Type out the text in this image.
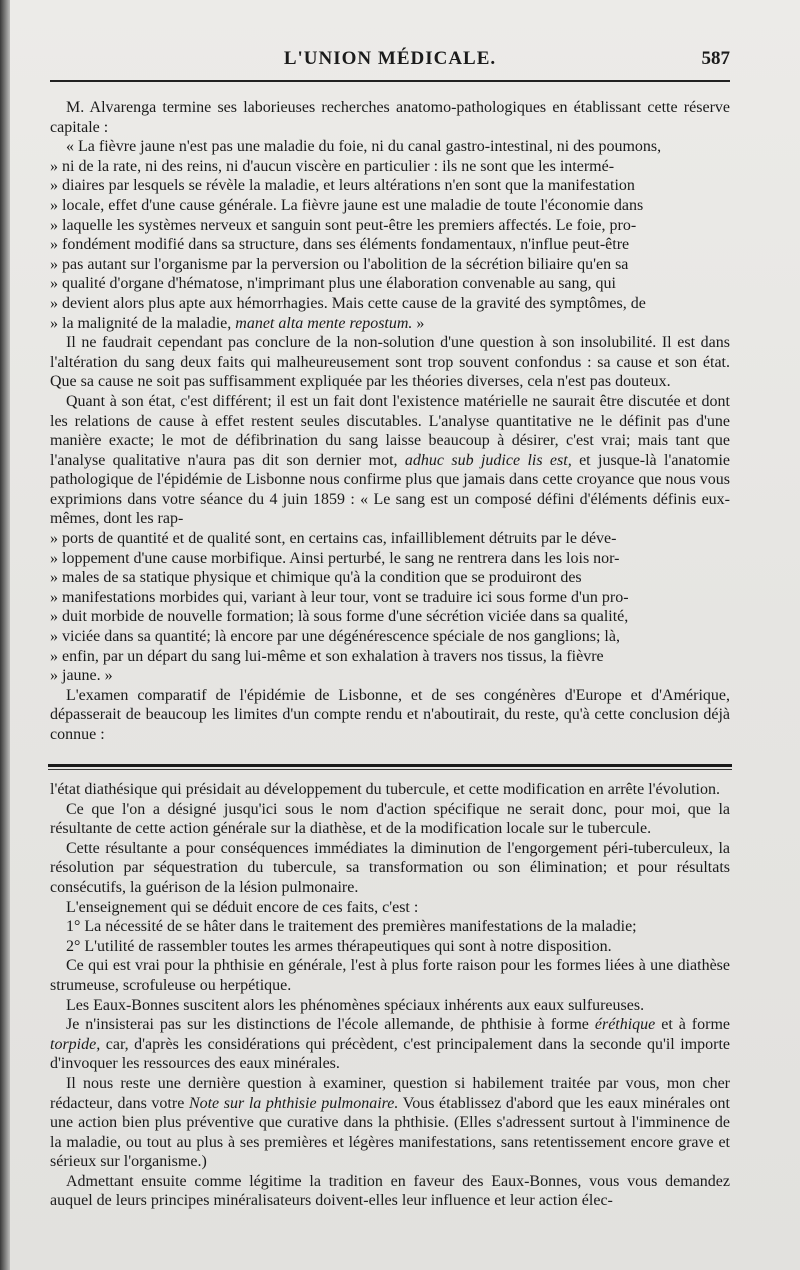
L'UNION MÉDICALE.	587

M. Alvarenga termine ses laborieuses recherches anatomo-pathologiques en établissant cette réserve capitale :

« La fièvre jaune n'est pas une maladie du foie, ni du canal gastro-intestinal, ni des poumons,
» ni de la rate, ni des reins, ni d'aucun viscère en particulier : ils ne sont que les intermé-
» diaires par lesquels se révèle la maladie, et leurs altérations n'en sont que la manifestation
» locale, effet d'une cause générale. La fièvre jaune est une maladie de toute l'économie dans
» laquelle les systèmes nerveux et sanguin sont peut-être les premiers affectés. Le foie, pro-
» fondément modifié dans sa structure, dans ses éléments fondamentaux, n'influe peut-être
» pas autant sur l'organisme par la perversion ou l'abolition de la sécrétion biliaire qu'en sa
» qualité d'organe d'hématose, n'imprimant plus une élaboration convenable au sang, qui
» devient alors plus apte aux hémorrhagies. Mais cette cause de la gravité des symptômes, de
» la malignité de la maladie, manet alta mente repostum. »

Il ne faudrait cependant pas conclure de la non-solution d'une question à son insolubilité. Il est dans l'altération du sang deux faits qui malheureusement sont trop souvent confondus : sa cause et son état. Que sa cause ne soit pas suffisamment expliquée par les théories diverses, cela n'est pas douteux.

Quant à son état, c'est différent; il est un fait dont l'existence matérielle ne saurait être discutée et dont les relations de cause à effet restent seules discutables. L'analyse quantitative ne le définit pas d'une manière exacte; le mot de défibrination du sang laisse beaucoup à désirer, c'est vrai; mais tant que l'analyse qualitative n'aura pas dit son dernier mot, adhuc sub judice lis est, et jusque-là l'anatomie pathologique de l'épidémie de Lisbonne nous confirme plus que jamais dans cette croyance que nous vous exprimions dans votre séance du 4 juin 1859 : « Le sang est un composé défini d'éléments définis eux-mêmes, dont les rap-

» ports de quantité et de qualité sont, en certains cas, infailliblement détruits par le déve-
» loppement d'une cause morbifique. Ainsi perturbé, le sang ne rentrera dans les lois nor-
» males de sa statique physique et chimique qu'à la condition que se produiront des
» manifestations morbides qui, variant à leur tour, vont se traduire ici sous forme d'un pro-
» duit morbide de nouvelle formation; là sous forme d'une sécrétion viciée dans sa qualité,
» viciée dans sa quantité; là encore par une dégénérescence spéciale de nos ganglions; là,
» enfin, par un départ du sang lui-même et son exhalation à travers nos tissus, la fièvre
» jaune. »

L'examen comparatif de l'épidémie de Lisbonne, et de ses congénères d'Europe et d'Amérique, dépasserait de beaucoup les limites d'un compte rendu et n'aboutirait, du reste, qu'à cette conclusion déjà connue :

l'état diathésique qui présidait au développement du tubercule, et cette modification en arrête l'évolution.

Ce que l'on a désigné jusqu'ici sous le nom d'action spécifique ne serait donc, pour moi, que la résultante de cette action générale sur la diathèse, et de la modification locale sur le tubercule.

Cette résultante a pour conséquences immédiates la diminution de l'engorgement péri-tuberculeux, la résolution par séquestration du tubercule, sa transformation ou son élimination; et pour résultats consécutifs, la guérison de la lésion pulmonaire.

L'enseignement qui se déduit encore de ces faits, c'est :

1° La nécessité de se hâter dans le traitement des premières manifestations de la maladie;

2° L'utilité de rassembler toutes les armes thérapeutiques qui sont à notre disposition.

Ce qui est vrai pour la phthisie en générale, l'est à plus forte raison pour les formes liées à une diathèse strumeuse, scrofuleuse ou herpétique.

Les Eaux-Bonnes suscitent alors les phénomènes spéciaux inhérents aux eaux sulfureuses.

Je n'insisterai pas sur les distinctions de l'école allemande, de phthisie à forme éréthique et à forme torpide, car, d'après les considérations qui précèdent, c'est principalement dans la seconde qu'il importe d'invoquer les ressources des eaux minérales.

Il nous reste une dernière question à examiner, question si habilement traitée par vous, mon cher rédacteur, dans votre Note sur la phthisie pulmonaire. Vous établissez d'abord que les eaux minérales ont une action bien plus préventive que curative dans la phthisie. (Elles s'adressent surtout à l'imminence de la maladie, ou tout au plus à ses premières et légères manifestations, sans retentissement encore grave et sérieux sur l'organisme.)

Admettant ensuite comme légitime la tradition en faveur des Eaux-Bonnes, vous vous demandez auquel de leurs principes minéralisateurs doivent-elles leur influence et leur action élec-
